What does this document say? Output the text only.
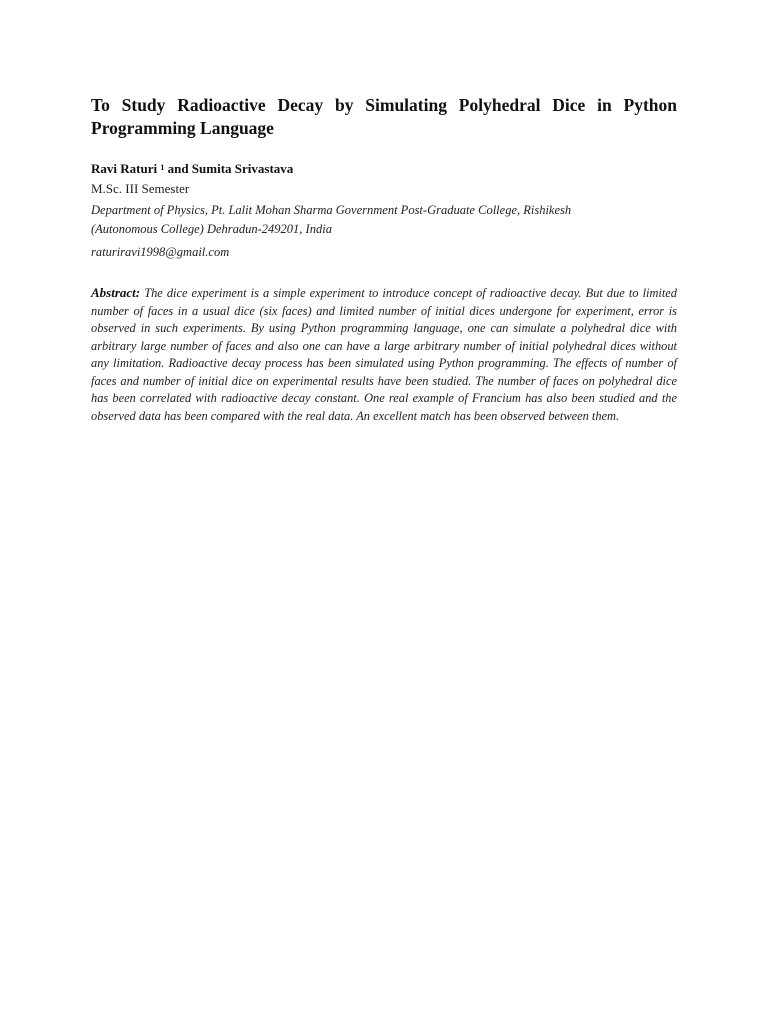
To Study Radioactive Decay by Simulating Polyhedral Dice in Python Programming Language
Ravi Raturi $^1$ and Sumita Srivastava
M.Sc. III Semester
Department of Physics, Pt. Lalit Mohan Sharma Government Post-Graduate College, Rishikesh
(Autonomous College) Dehradun-249201, India
raturiravi1998@gmail.com

Abstract: The dice experiment is a simple experiment to introduce concept of radioactive decay. But due to limited number of faces in a usual dice (six faces) and limited number of initial dices undergone for experiment, error is observed in such experiments. By using Python programming language, one can simulate a polyhedral dice with arbitrary large number of faces and also one can have a large arbitrary number of initial polyhedral dices without any limitation. Radioactive decay process has been simulated using Python programming. The effects of number of faces and number of initial dice on experimental results have been studied. The number of faces on polyhedral dice has been correlated with radioactive decay constant. One real example of Francium has also been studied and the observed data has been compared with the real data. An excellent match has been observed between them.
